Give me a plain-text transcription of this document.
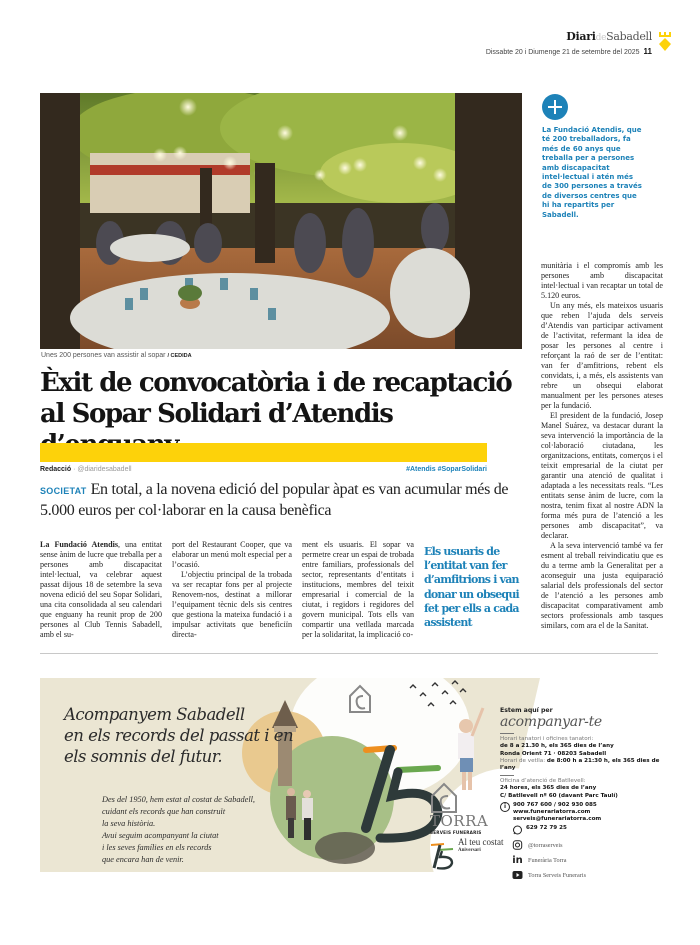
DiarideSabadell
Dissabte 20 i Diumenge 21 de setembre del 2025 11
Unes 200 persones van assistir al sopar / CEDIDA
La Fundació Atendis, que té 200 treballadors, fa més de 60 anys que treballa per a persones amb discapacitat intel·lectual i atén més de 300 persones a través de diversos centres que hi ha repartits per Sabadell.
Èxit de convocatòria i de recaptació
al Sopar Solidari d’Atendis
Redacció · @diaridesabadell	#Atendis #SoparSolidari
SOCIETAT En total, a la novena edició del popular àpat es van acumular més de 5.000 euros per col·laborar en la causa benèfica

La Fundació Atendis, una entitat sense ànim de lucre que treballa per a persones amb discapacitat intel·lectual, va celebrar aquest passat dijous 18 de setembre la seva novena edició del seu Sopar Solidari, una cita consolidada al seu calendari que enguany ha reunit prop de 200 persones al Club Tennis Sabadell, amb el su-

port del Restaurant Cooper, que va elaborar un menú molt especial per a l’ocasió.

L’objectiu principal de la trobada va ser recaptar fons per al projecte Renovem-nos, destinat a millorar l’equipament tècnic dels sis centres que gestiona la mateixa fundació i a impulsar activitats que beneficiïn directa-

ment els usuaris. El sopar va permetre crear un espai de trobada entre familiars, professionals del sector, representants d’entitats i institucions, membres del teixit empresarial i comercial de la ciutat, i regidors i regidores del govern municipal. Tots ells van compartir una vetllada marcada per la solidaritat, la implicació co-

Els usuaris de l’entitat van fer d’amfitrions i van donar un obsequi fet per ells a cada assistent

munitària i el compromís amb les persones amb discapacitat intel·lectual i van recaptar un total de 5.120 euros.

Un any més, els mateixos usuaris que reben l’ajuda dels serveis d’Atendis van participar activament de l’activitat, refermant la idea de posar les persones al centre i reforçant la raó de ser de l’entitat: van fer d’amfitrions, rebent els convidats, i, a més, els assistents van rebre un obsequi elaborat manualment per les persones ateses per la fundació.

El president de la fundació, Josep Manel Suárez, va destacar durant la seva intervenció la importància de la col·laboració ciutadana, les organitzacions, entitats, comerços i el teixit empresarial de la ciutat per garantir una atenció de qualitat i adaptada a les necessitats reals. “Les entitats sense ànim de lucre, com la nostra, tenim fixat al nostre ADN la forma més pura de l’atenció a les persones amb discapacitat”, va declarar.

A la seva intervenció també va fer esment al treball reivindicatiu que es du a terme amb la Generalitat per a aconseguir una justa equiparació salarial dels professionals del sector de l’atenció a les persones amb discapacitat comparativament amb sectors professionals amb tasques similars, com ara el de la Sanitat.

Acompanyem Sabadell
en els records del passat i en
els somnis del futur.
Des del 1950, hem estat al costat de Sabadell,
cuidant els records que han construït
la seva història.
Avui seguim acompanyant la ciutat
i les seves famílies en els records
que encara han de venir.
TORRA
SERVEIS FUNERARIS
Al teu costat
Aniversari
Estem aquí per
acompanyar-te
Horari tanatori i oficines tanatori:
de 8 a 21.30 h, els 365 dies de l’any
Ronda Orient 71 · 08203 Sabadell
Horari de vetlla: de 8:00 h a 21:30 h, els 365 dies de l’any
Oficina d’atenció de Batllevell:
24 hores, els 365 dies de l’any
C/ Batllevell nº 60 (davant Parc Taulí)
i	900 767 600 / 902 930 085
www.funerariatorra.com
serveis@funerariatorra.com
629 72 79 25
@torraserveis
in Funerària Torra
Torra Serveis Funeraris
